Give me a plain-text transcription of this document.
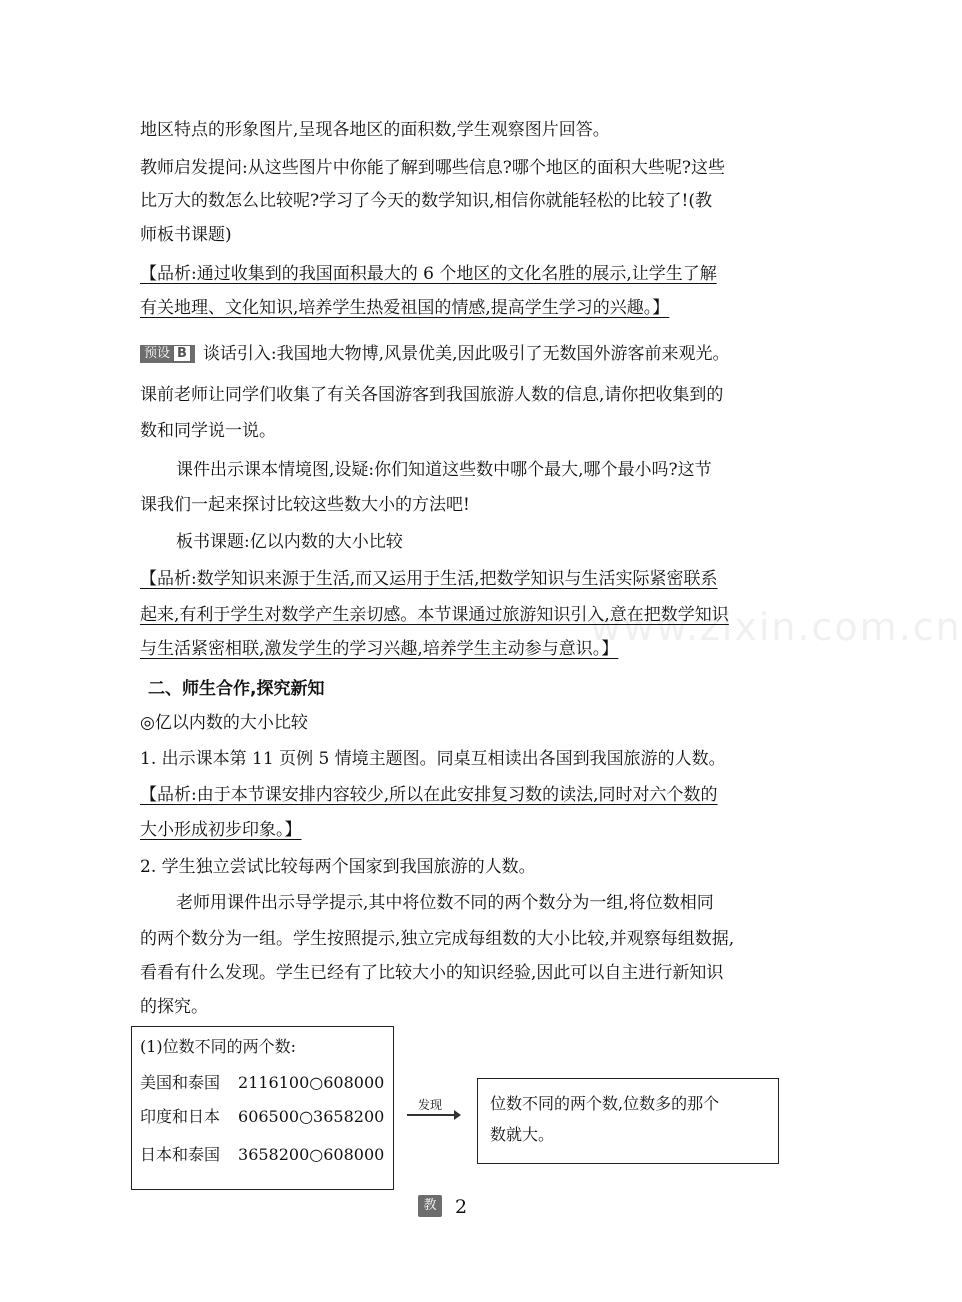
www.zixin.com.cn
地区特点的形象图片,呈现各地区的面积数,学生观察图片回答。
教师启发提问:从这些图片中你能了解到哪些信息?哪个地区的面积大些呢?这些
比万大的数怎么比较呢?学习了今天的数学知识,相信你就能轻松的比较了!(教
师板书课题)
【品析:通过收集到的我国面积最大的 6 个地区的文化名胜的展示,让学生了解
有关地理、文化知识,培养学生热爱祖国的情感,提高学生学习的兴趣。】
预设 B 谈话引入:我国地大物博,风景优美,因此吸引了无数国外游客前来观光。
课前老师让同学们收集了有关各国游客到我国旅游人数的信息,请你把收集到的
数和同学说一说。
课件出示课本情境图,设疑:你们知道这些数中哪个最大,哪个最小吗?这节
课我们一起来探讨比较这些数大小的方法吧!
板书课题:亿以内数的大小比较
【品析:数学知识来源于生活,而又运用于生活,把数学知识与生活实际紧密联系
起来,有利于学生对数学产生亲切感。本节课通过旅游知识引入,意在把数学知识
与生活紧密相联,激发学生的学习兴趣,培养学生主动参与意识。】
二、师生合作,探究新知
◎亿以内数的大小比较
1. 出示课本第 11 页例 5 情境主题图。同桌互相读出各国到我国旅游的人数。
【品析:由于本节课安排内容较少,所以在此安排复习数的读法,同时对六个数的
大小形成初步印象。】
2. 学生独立尝试比较每两个国家到我国旅游的人数。
老师用课件出示导学提示,其中将位数不同的两个数分为一组,将位数相同
的两个数分为一组。学生按照提示,独立完成每组数的大小比较,并观察每组数据,
看看有什么发现。学生已经有了比较大小的知识经验,因此可以自主进行新知识
的探究。
(1)位数不同的两个数:
美国和泰国 2116100○608000
印度和日本 606500○3658200
日本和泰国 3658200○608000
发现	位数不同的两个数,位数多的那个
数就大。
教 2
